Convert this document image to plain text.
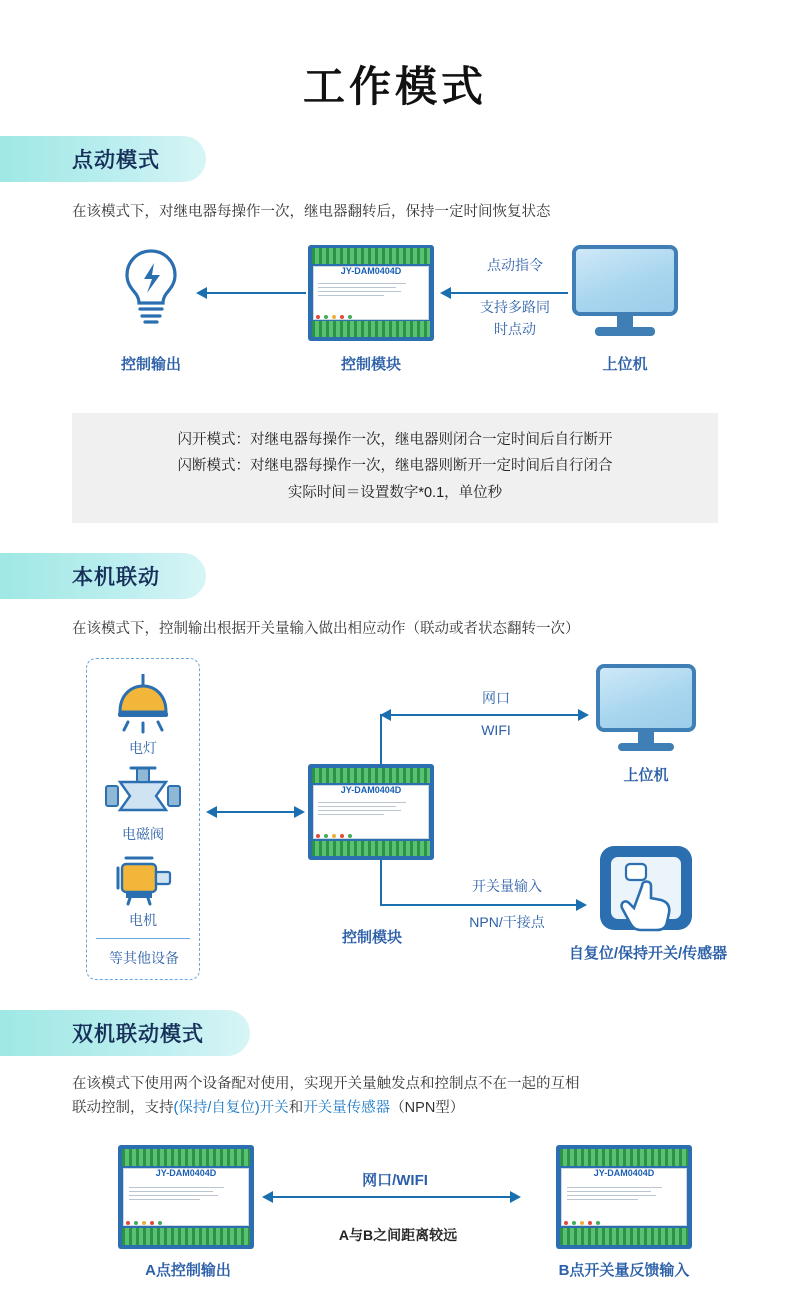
工作模式
点动模式
在该模式下，对继电器每操作一次，继电器翻转后，保持一定时间恢复状态
JY-DAM0404D	点动指令
支持多路同
时点动
控制输出	控制模块	上位机
闪开模式：对继电器每操作一次，继电器则闭合一定时间后自行断开
闪断模式：对继电器每操作一次，继电器则断开一定时间后自行闭合
实际时间＝设置数字*0.1，单位秒
本机联动
在该模式下，控制输出根据开关量输入做出相应动作（联动或者状态翻转一次）
电灯
电磁阀
电机
等其他设备
JY-DAM0404D
控制模块
网口
WIFI
上位机
开关量输入
NPN/干接点
自复位/保持开关/传感器
双机联动模式
在该模式下使用两个设备配对使用，实现开关量触发点和控制点不在一起的互相
联动控制，支持(保持/自复位)开关和开关量传感器（NPN型）
JY-DAM0404D
A点控制输出
网口/WIFI
A与B之间距离较远
JY-DAM0404D
B点开关量反馈输入
